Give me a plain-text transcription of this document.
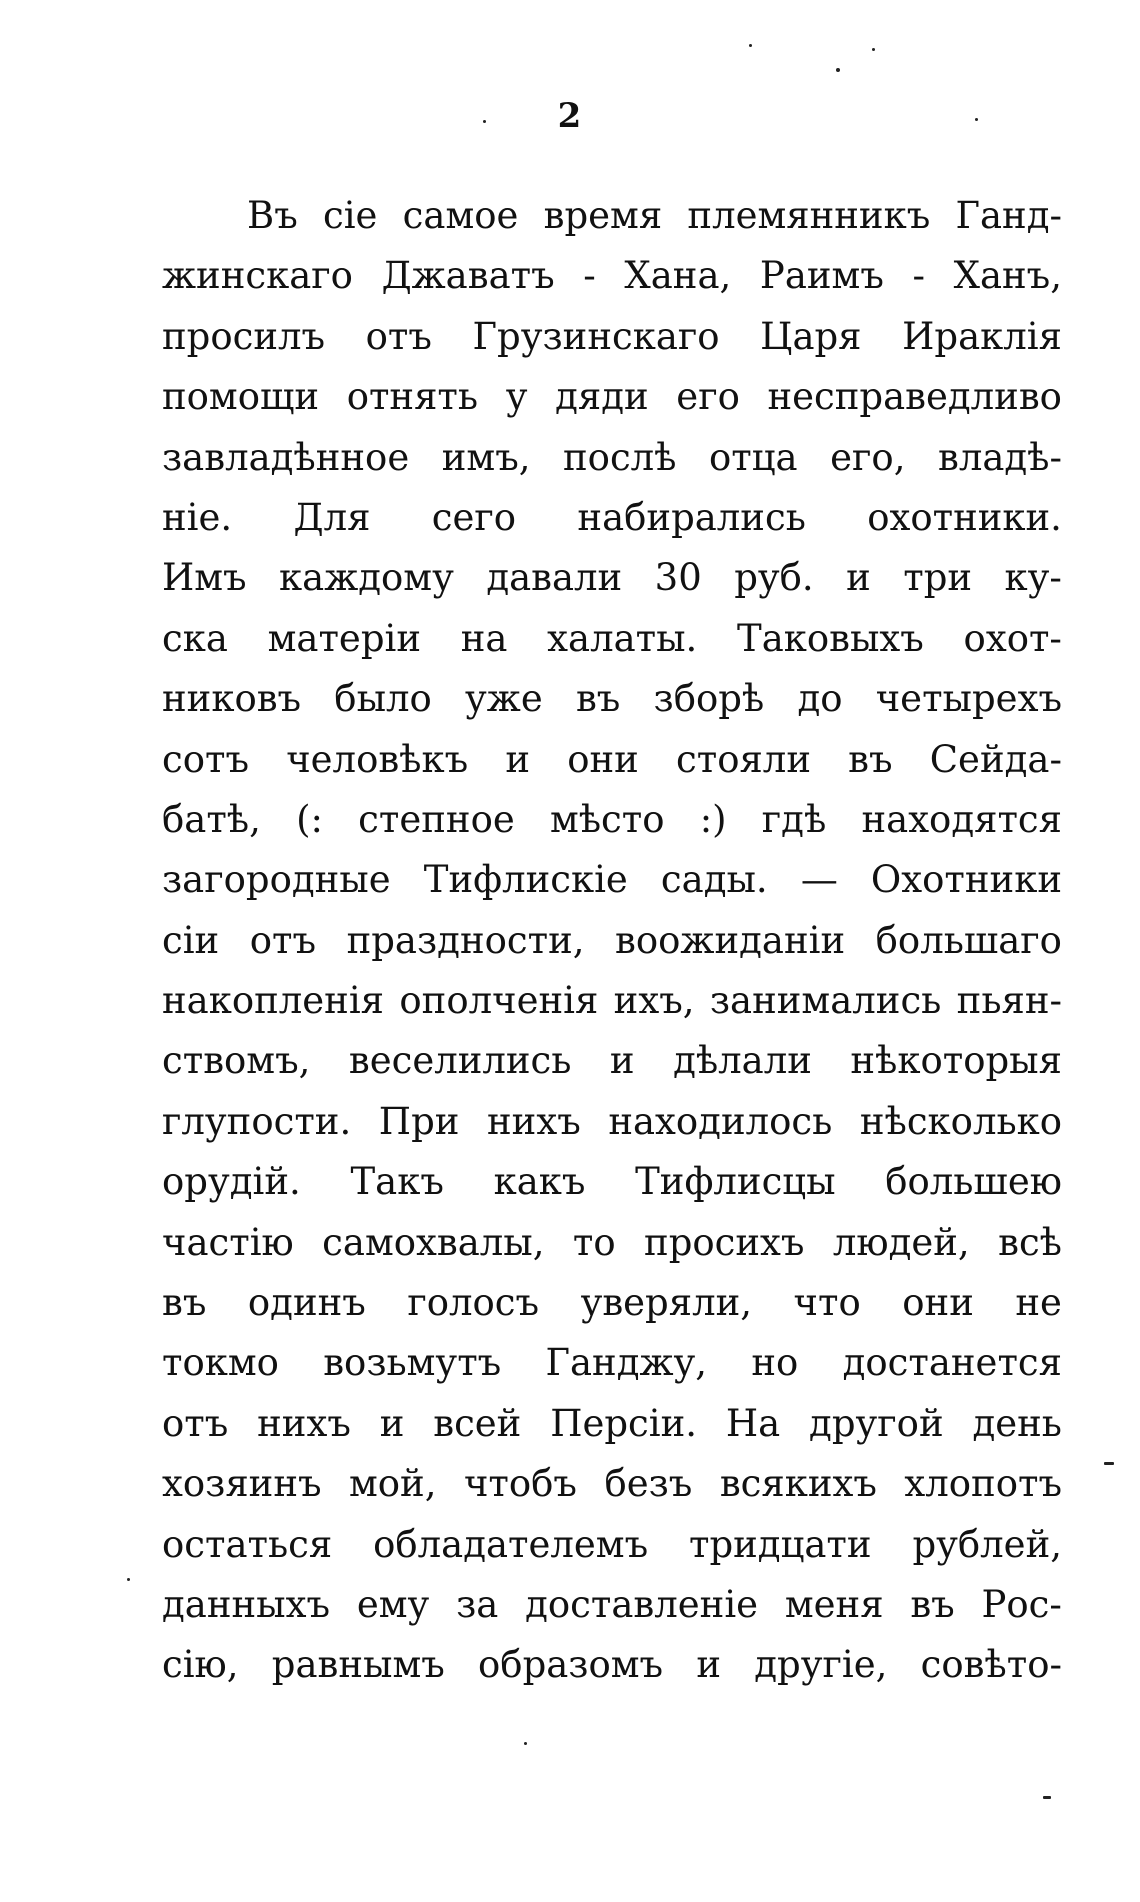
2
Въ сіе самое время племянникъ Ганд-
жинскаго Джаватъ - Хана, Раимъ - Ханъ,
просилъ отъ Грузинскаго Царя Ираклія
помощи отнять у дяди его несправедливо
завладѣнное имъ, послѣ отца его, владѣ-
ніе. Для сего набирались охотники.
Имъ каждому давали 30 руб. и три ку-
ска матеріи на халаты. Таковыхъ охот-
никовъ было уже въ зборѣ до четырехъ
сотъ человѣкъ и они стояли въ Сейда-
батѣ, (: степное мѣсто :) гдѣ находятся
загородные Тифлискіе сады. — Охотники
сіи отъ праздности, воожиданіи большаго
накопленія ополченія ихъ, занимались пьян-
ствомъ, веселились и дѣлали нѣкоторыя
глупости. При нихъ находилось нѣсколько
орудій. Такъ какъ Тифлисцы большею
частію самохвалы, то просихъ людей, всѣ
въ одинъ голосъ уверяли, что они не
токмо возьмутъ Ганджу, но достанется
отъ нихъ и всей Персіи. На другой день
хозяинъ мой, чтобъ безъ всякихъ хлопотъ
остаться обладателемъ тридцати рублей,
данныхъ ему за доставленіе меня въ Рос-
сію, равнымъ образомъ и другіе, совѣто-
